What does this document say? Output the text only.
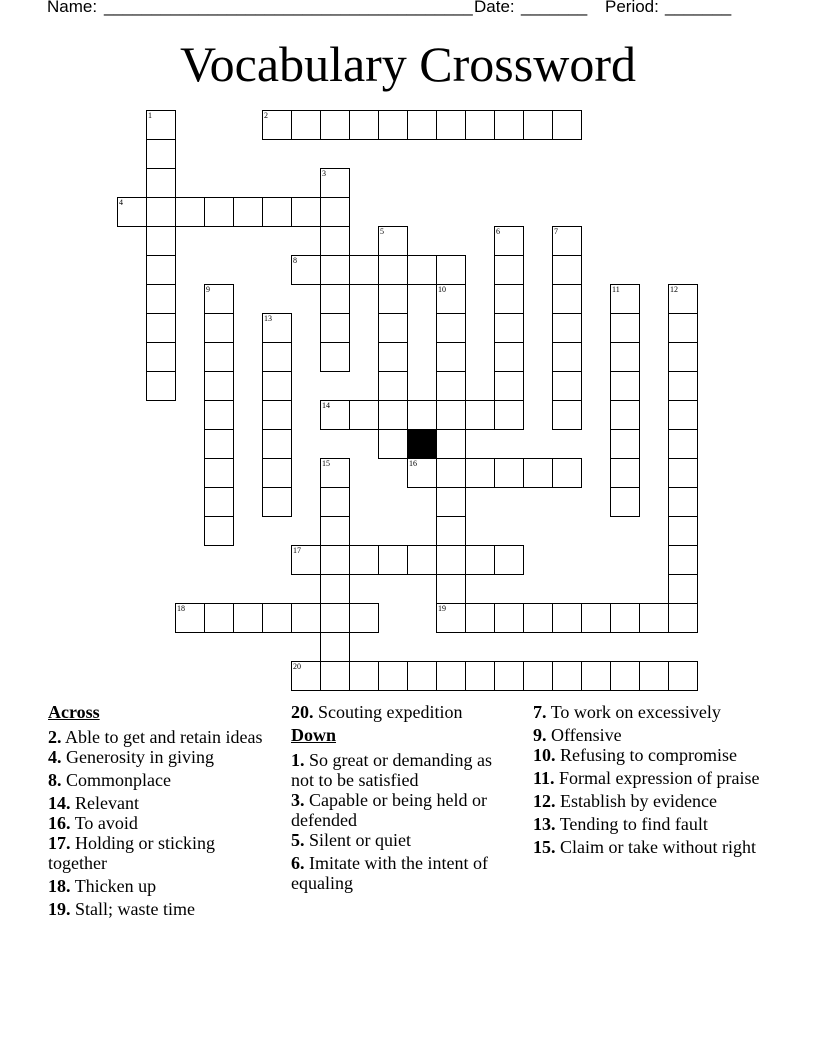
Name: _______________________________________ Date: _______ Period: _______
Vocabulary Crossword
1	2
3
4
5	6	7
8
9	10
19
11	12
13
14
15	16
17
18
20
Across
2. Able to get and retain ideas
4. Generosity in giving
8. Commonplace
14. Relevant
16. To avoid
17. Holding or sticking together
18. Thicken up
19. Stall; waste time
20. Scouting expedition
Down
1. So great or demanding as not to be satisfied
3. Capable or being held or defended
5. Silent or quiet
6. Imitate with the intent of equaling
7. To work on excessively
9. Offensive
10. Refusing to compromise
11. Formal expression of praise
12. Establish by evidence
13. Tending to find fault
15. Claim or take without right
